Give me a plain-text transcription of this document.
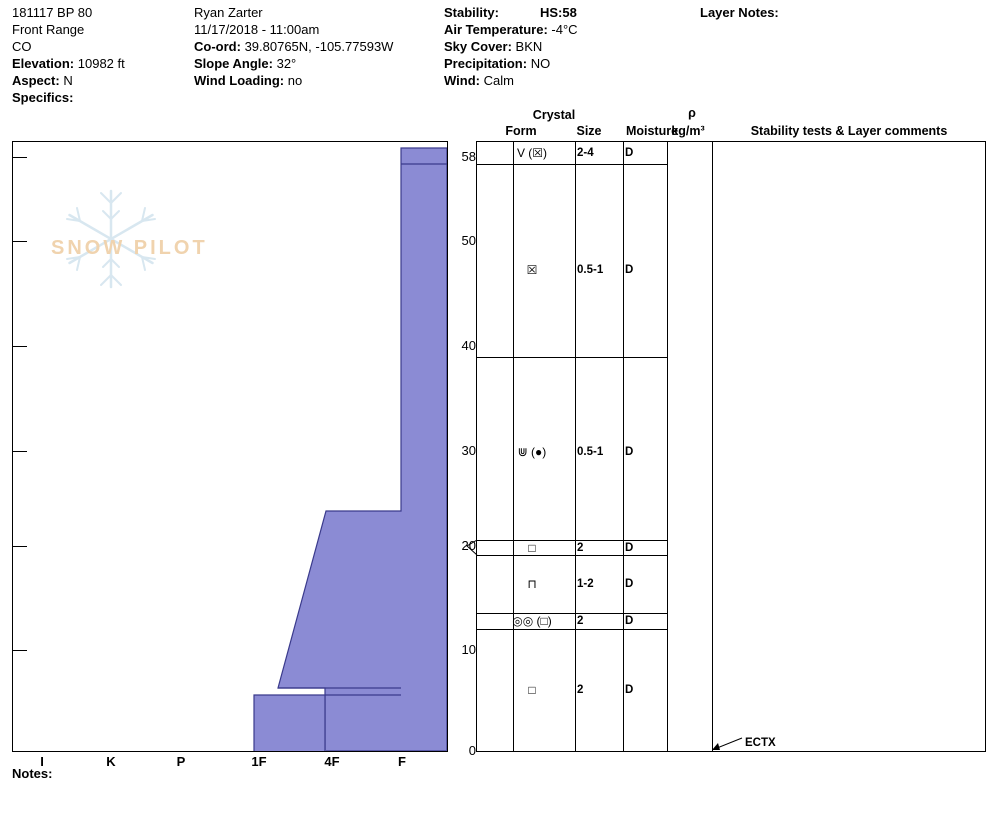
181117 BP 80
Front Range
CO
Elevation: 10982 ft
Aspect: N
Specifics:
Ryan Zarter
11/17/2018 - 11:00am
Co-ord: 39.80765N, -105.77593W
Slope Angle: 32°
Wind Loading: no
Stability:
Air Temperature: -4°C
Sky Cover: BKN
Precipitation: NO
Wind: Calm
HS:58	Layer Notes:
SNOW PILOT
58
50
40
30
20
10
0
I	K	P	1F	4F	F
Notes:
Crystal
Form	Size	Moisture
ρ
kg/m³	Stability tests & Layer comments
V (☒)	2-4	D
☒	0.5-1	D
⋓ (●)	0.5-1	D
□	2	D
⊓	1-2	D
◎◎ (□)	2	D
□	2	D
ECTX
